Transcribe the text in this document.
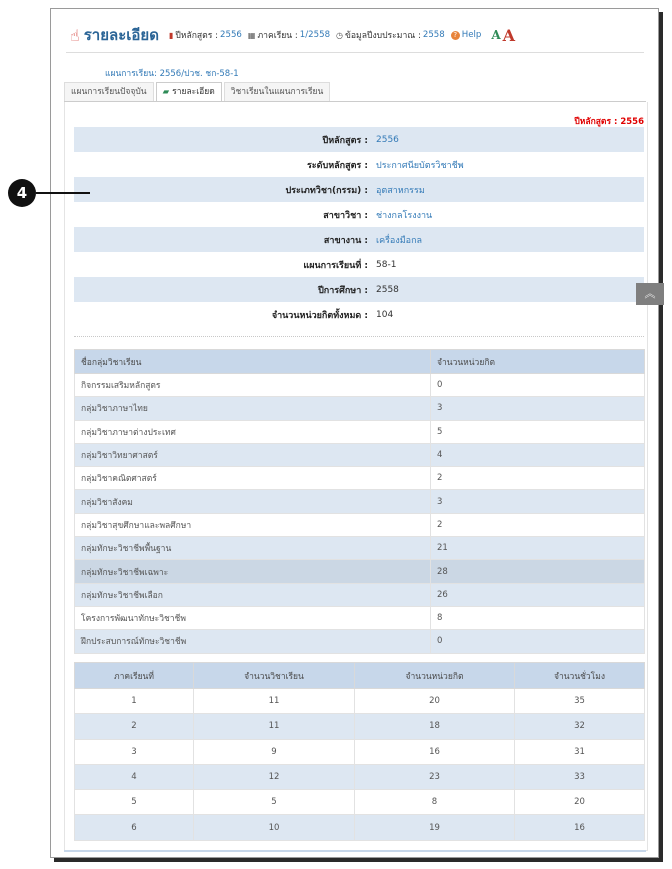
☝ รายละเอียด ▮ ปีหลักสูตร : 2556 ▦ ภาคเรียน : 1/2558 ◷ ข้อมูลปีงบประมาณ : 2558	? Help A A
แผนการเรียน: 2556/ปวช. ชก-58-1
แผนการเรียนปัจจุบัน	▰ รายละเอียด	วิชาเรียนในแผนการเรียน
ปีหลักสูตร : 2556
ปีหลักสูตร : 2556
ระดับหลักสูตร : ประกาศนียบัตรวิชาชีพ
ประเภทวิชา(กรรม) : อุตสาหกรรม
สาขาวิชา : ช่างกลโรงงาน
สาขางาน : เครื่องมือกล
แผนการเรียนที่ : 58-1
ปีการศึกษา : 2558
จำนวนหน่วยกิตทั้งหมด : 104
ชื่อกลุ่มวิชาเรียน	จำนวนหน่วยกิต
กิจกรรมเสริมหลักสูตร	0
กลุ่มวิชาภาษาไทย	3
กลุ่มวิชาภาษาต่างประเทศ	5
กลุ่มวิชาวิทยาศาสตร์	4
กลุ่มวิชาคณิตศาสตร์	2
กลุ่มวิชาสังคม	3
กลุ่มวิชาสุขศึกษาและพลศึกษา	2
กลุ่มทักษะวิชาชีพพื้นฐาน	21
กลุ่มทักษะวิชาชีพเฉพาะ	28
กลุ่มทักษะวิชาชีพเลือก	26
โครงการพัฒนาทักษะวิชาชีพ	8
ฝึกประสบการณ์ทักษะวิชาชีพ	0
ภาคเรียนที่	จำนวนวิชาเรียน	จำนวนหน่วยกิต	จำนวนชั่วโมง
1	11	20	35
2	11	18	32
3	9	16	31
4	12	23	33
5	5	8	20
6	10	19	16
︽
4
